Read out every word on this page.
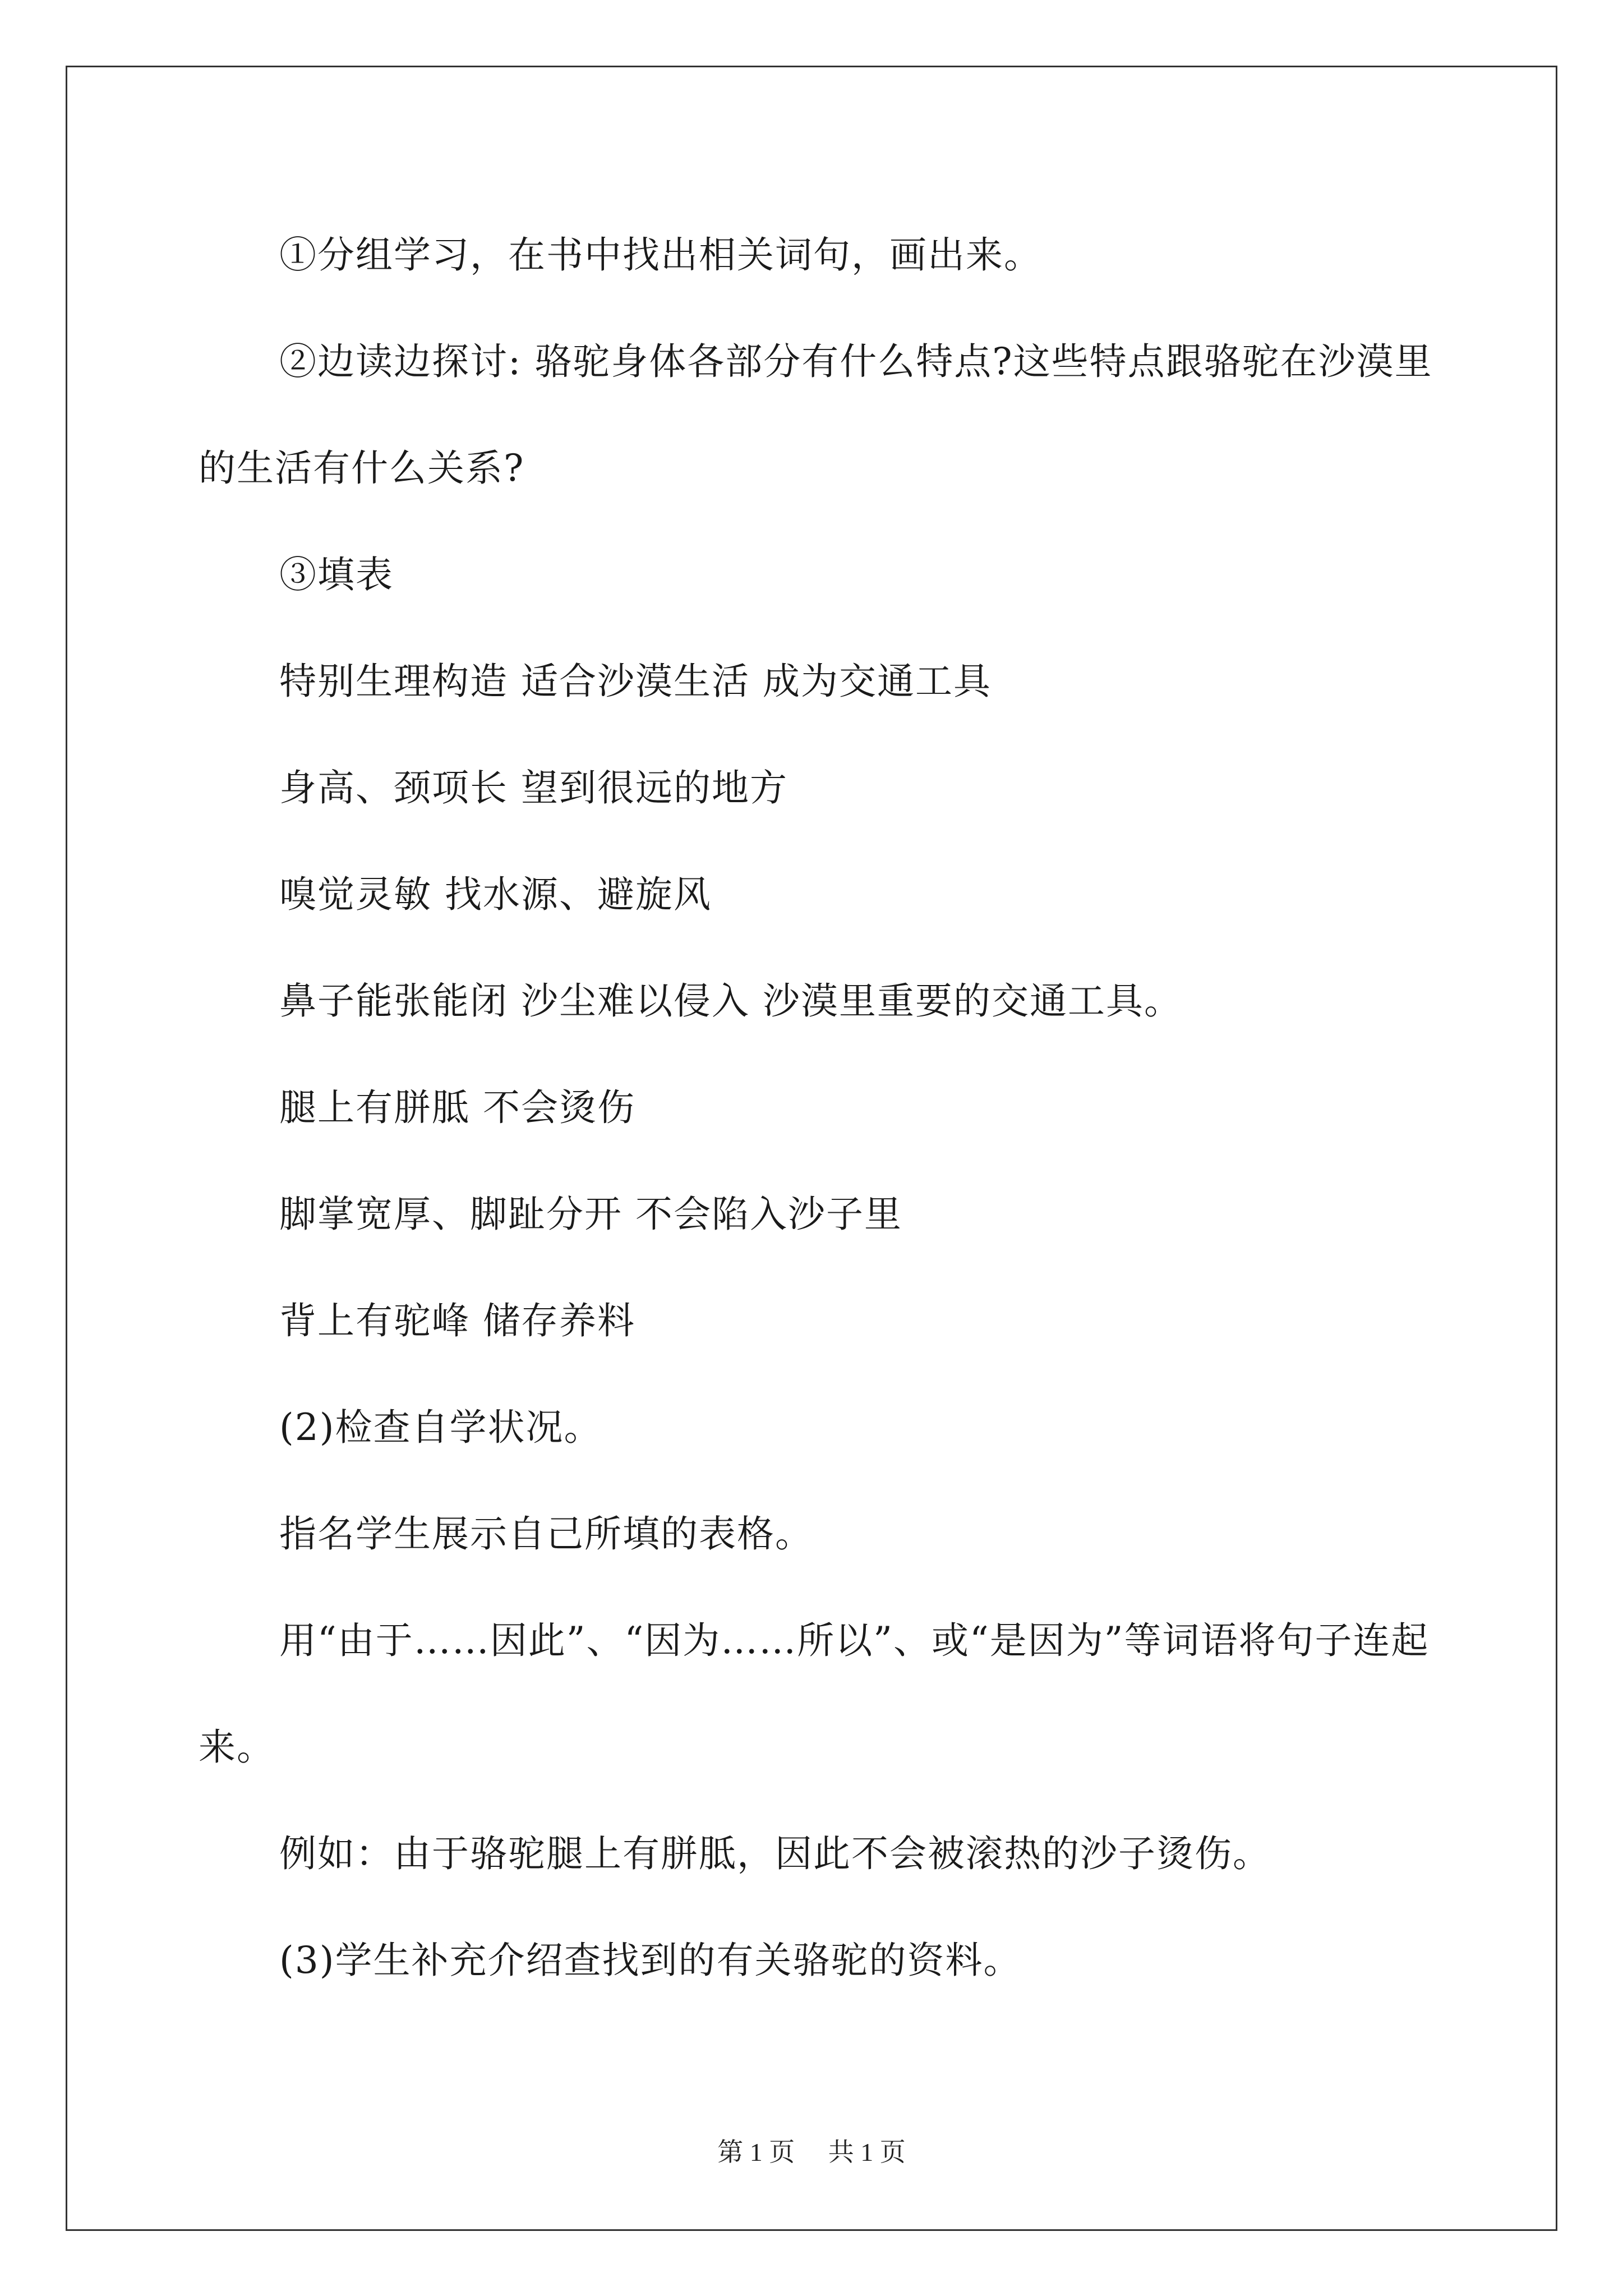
①分组学习，在书中找出相关词句，画出来。

②边读边探讨: 骆驼身体各部分有什么特点?这些特点跟骆驼在沙漠里的生活有什么关系?

③填表

特别生理构造 适合沙漠生活 成为交通工具

身高、颈项长 望到很远的地方

嗅觉灵敏 找水源、避旋风

鼻子能张能闭 沙尘难以侵入 沙漠里重要的交通工具。

腿上有胼胝 不会烫伤

脚掌宽厚、脚趾分开 不会陷入沙子里

背上有驼峰 储存养料

(2)检查自学状况。

指名学生展示自己所填的表格。

用“由于……因此”、“因为……所以”、或“是因为”等词语将句子连起来。

例如：由于骆驼腿上有胼胝，因此不会被滚热的沙子烫伤。

(3)学生补充介绍查找到的有关骆驼的资料。

第 1 页 共 1 页
